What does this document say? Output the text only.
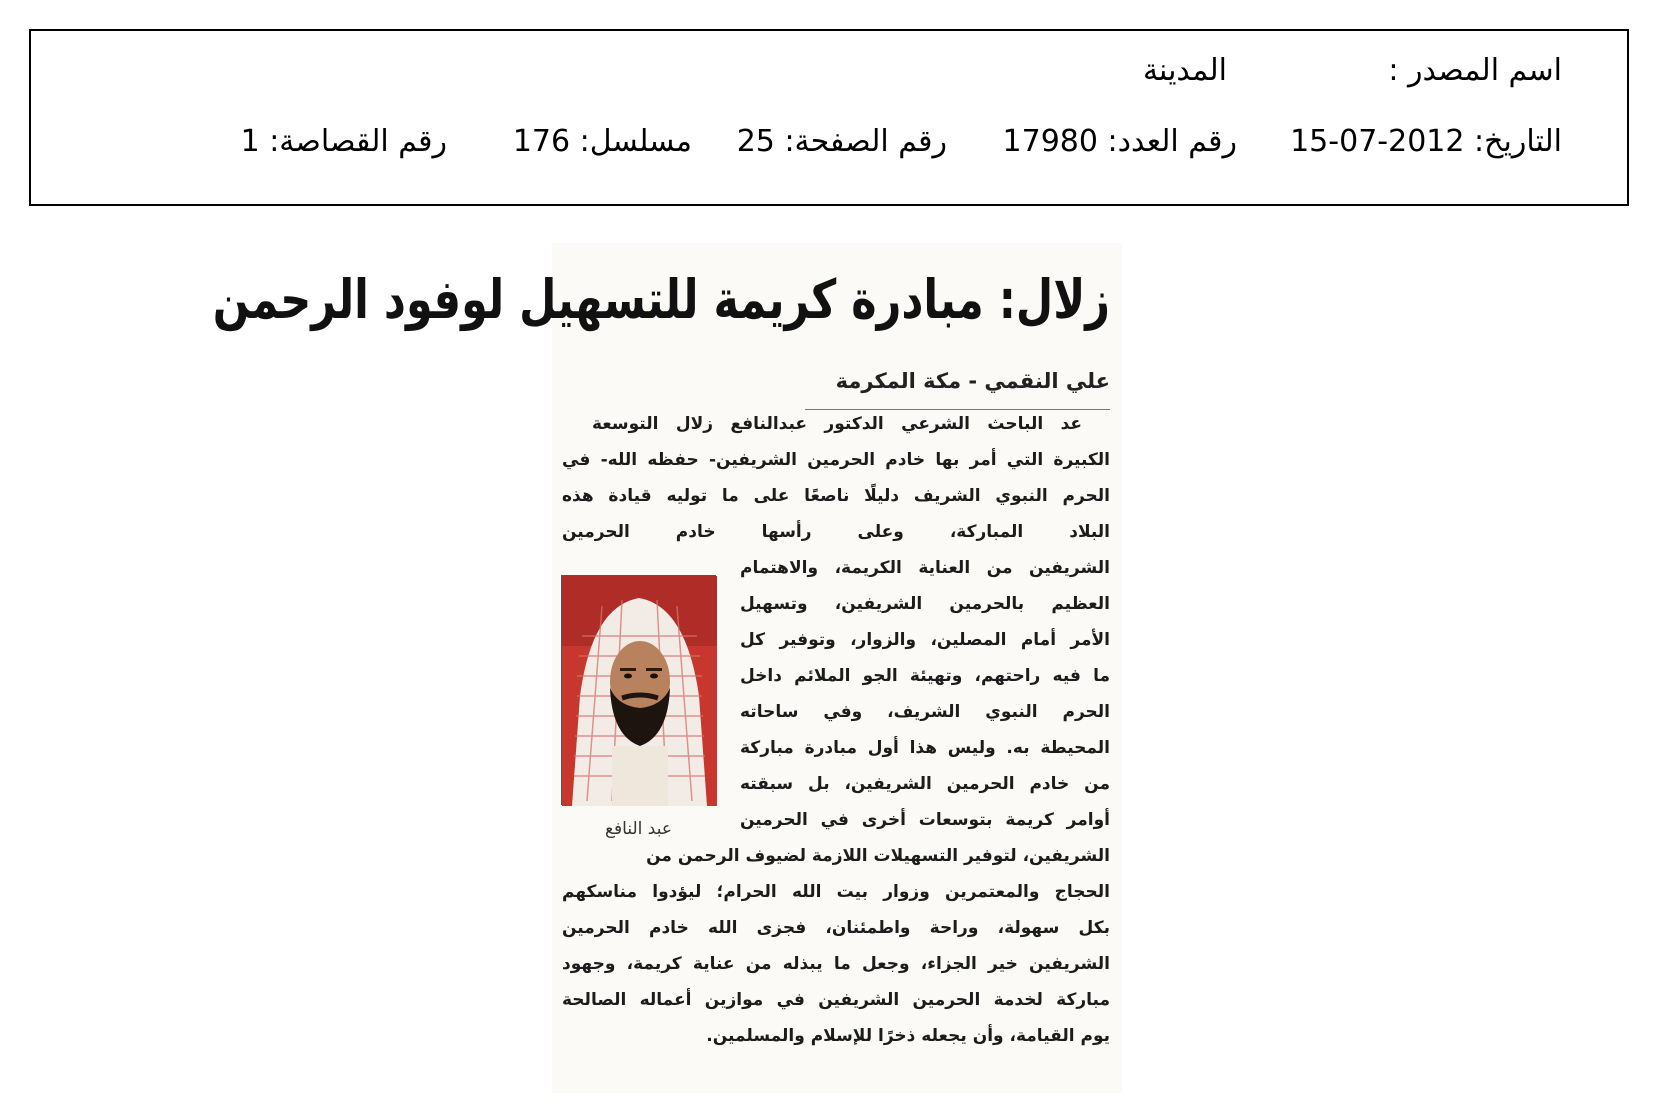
اسم المصدر :
المدينة
التاريخ: 2012-07-15
رقم العدد: 17980
رقم الصفحة: 25
مسلسل: 176
رقم القصاصة: 1
زلال: مبادرة كريمة للتسهيل لوفود الرحمن
علي النقمي - مكة المكرمة
عبد النافع
عد الباحث الشرعي الدكتور عبدالنافع زلال التوسعة
الكبيرة التي أمر بها خادم الحرمين الشريفين- حفظه الله- في
الحرم النبوي الشريف دليلًا ناصعًا على ما توليه قيادة هذه
البلاد المباركة، وعلى رأسها خادم الحرمين
الشريفين من العناية الكريمة، والاهتمام
العظيم بالحرمين الشريفين، وتسهيل
الأمر أمام المصلين، والزوار، وتوفير كل
ما فيه راحتهم، وتهيئة الجو الملائم داخل
الحرم النبوي الشريف، وفي ساحاته
المحيطة به. وليس هذا أول مبادرة مباركة
من خادم الحرمين الشريفين، بل سبقته
أوامر كريمة بتوسعات أخرى في الحرمين
الشريفين، لتوفير التسهيلات اللازمة لضيوف الرحمن من
الحجاج والمعتمرين وزوار بيت الله الحرام؛ ليؤدوا مناسكهم
بكل سهولة، وراحة واطمئنان، فجزى الله خادم الحرمين
الشريفين خير الجزاء، وجعل ما يبذله من عناية كريمة، وجهود
مباركة لخدمة الحرمين الشريفين في موازين أعماله الصالحة
يوم القيامة، وأن يجعله ذخرًا للإسلام والمسلمين.
